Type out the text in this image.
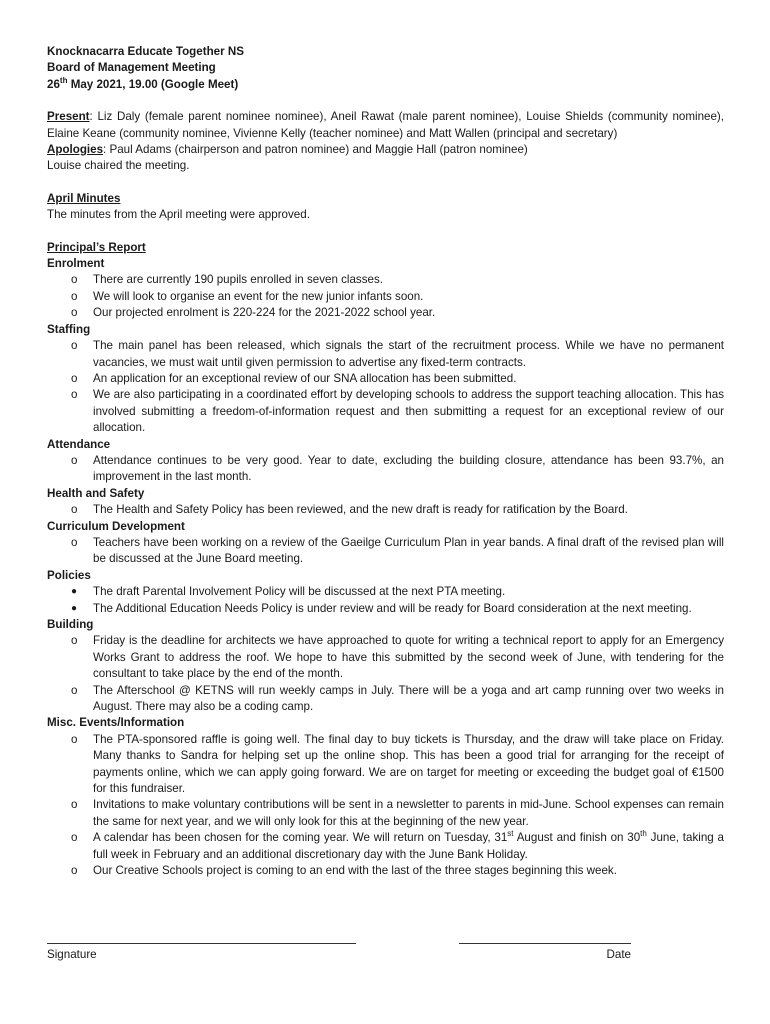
Knocknacarra Educate Together NS

Board of Management Meeting

26th May 2021, 19.00 (Google Meet)

Present: Liz Daly (female parent nominee nominee), Aneil Rawat (male parent nominee), Louise Shields (community nominee), Elaine Keane (community nominee, Vivienne Kelly (teacher nominee) and Matt Wallen (principal and secretary)

Apologies: Paul Adams (chairperson and patron nominee) and Maggie Hall (patron nominee)

Louise chaired the meeting.

April Minutes

The minutes from the April meeting were approved.

Principal’s Report

Enrolment

o There are currently 190 pupils enrolled in seven classes.
o We will look to organise an event for the new junior infants soon.
o Our projected enrolment is 220-224 for the 2021-2022 school year.

Staffing

o The main panel has been released, which signals the start of the recruitment process. While we have no permanent vacancies, we must wait until given permission to advertise any fixed-term contracts.
o An application for an exceptional review of our SNA allocation has been submitted.
o We are also participating in a coordinated effort by developing schools to address the support teaching allocation. This has involved submitting a freedom-of-information request and then submitting a request for an exceptional review of our allocation.

Attendance

o Attendance continues to be very good. Year to date, excluding the building closure, attendance has been 93.7%, an improvement in the last month.

Health and Safety

o The Health and Safety Policy has been reviewed, and the new draft is ready for ratification by the Board.

Curriculum Development

o Teachers have been working on a review of the Gaeilge Curriculum Plan in year bands. A final draft of the revised plan will be discussed at the June Board meeting.

Policies

● The draft Parental Involvement Policy will be discussed at the next PTA meeting.
● The Additional Education Needs Policy is under review and will be ready for Board consideration at the next meeting.

Building

o Friday is the deadline for architects we have approached to quote for writing a technical report to apply for an Emergency Works Grant to address the roof. We hope to have this submitted by the second week of June, with tendering for the consultant to take place by the end of the month.
o The Afterschool @ KETNS will run weekly camps in July. There will be a yoga and art camp running over two weeks in August. There may also be a coding camp.

Misc. Events/Information

o The PTA-sponsored raffle is going well. The final day to buy tickets is Thursday, and the draw will take place on Friday. Many thanks to Sandra for helping set up the online shop. This has been a good trial for arranging for the receipt of payments online, which we can apply going forward. We are on target for meeting or exceeding the budget goal of €1500 for this fundraiser.
o Invitations to make voluntary contributions will be sent in a newsletter to parents in mid-June. School expenses can remain the same for next year, and we will only look for this at the beginning of the new year.
o A calendar has been chosen for the coming year. We will return on Tuesday, 31st August and finish on 30th June, taking a full week in February and an additional discretionary day with the June Bank Holiday.
o Our Creative Schools project is coming to an end with the last of the three stages beginning this week.
Signature	Date
